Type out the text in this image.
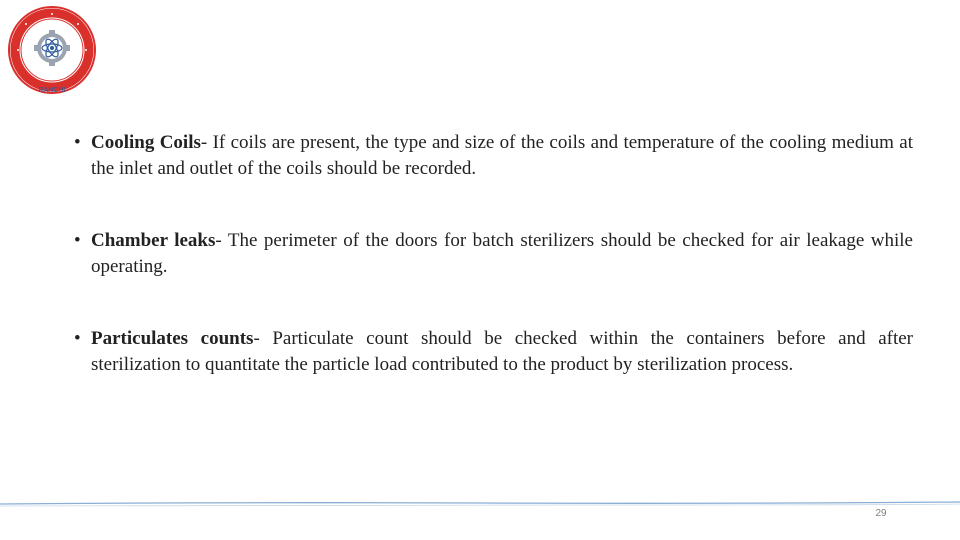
RANCHI
• Cooling Coils- If coils are present, the type and size of the coils and temperature of the cooling medium at the inlet and outlet of the coils should be recorded.
• Chamber leaks- The perimeter of the doors for batch sterilizers should be checked for air leakage while operating.
• Particulates counts- Particulate count should be checked within the containers before and after sterilization to quantitate the particle load contributed to the product by sterilization process.
29
